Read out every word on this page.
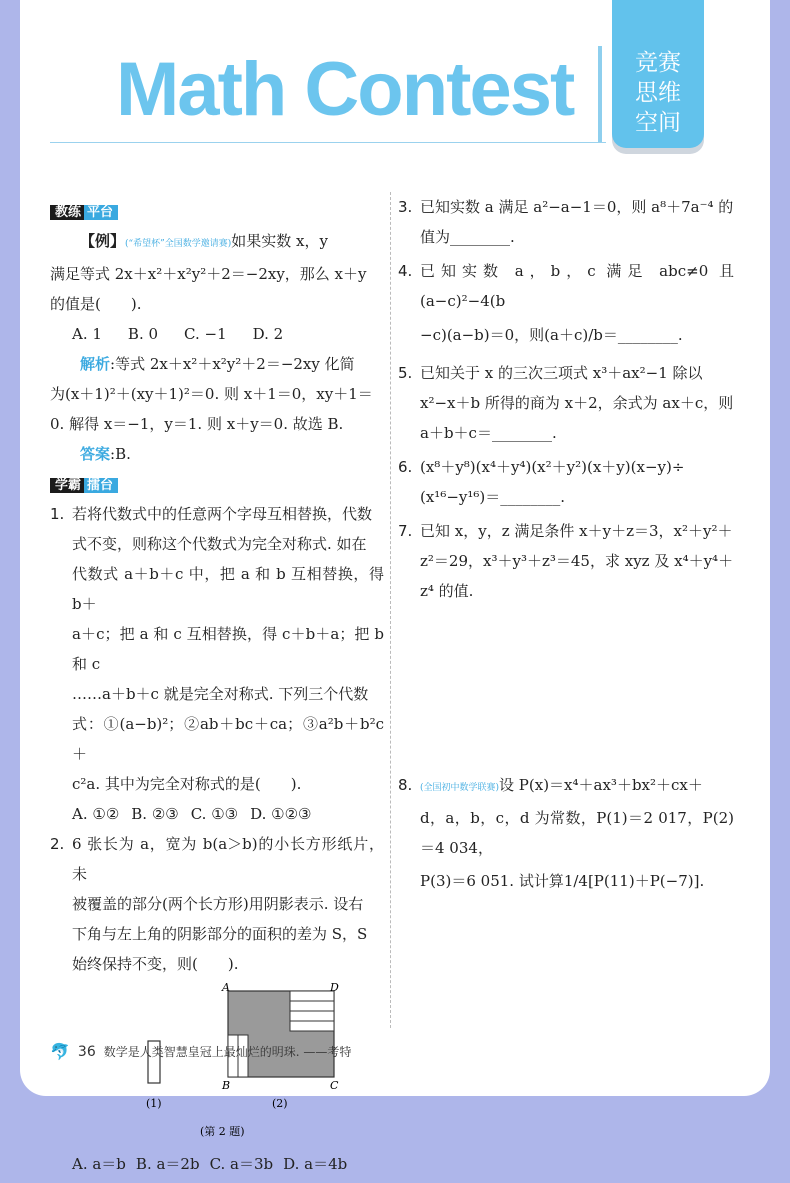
Math Contest	竞赛
思维
空间
教练 平台

【例】(“希望杯”全国数学邀请赛)如果实数 x，y

满足等式 2x＋x²＋x²y²＋2＝−2xy，那么 x＋y

的值是(　　).

A. 1 B. 0 C. −1 D. 2

解析:等式 2x＋x²＋x²y²＋2＝−2xy 化简

为(x＋1)²＋(xy＋1)²＝0. 则 x＋1＝0，xy＋1＝

0. 解得 x＝−1，y＝1. 则 x＋y＝0. 故选 B.

答案:B.

学霸 擂台
1. 若将代数式中的任意两个字母互相替换，代数
式不变，则称这个代数式为完全对称式. 如在
代数式 a＋b＋c 中，把 a 和 b 互相替换，得 b＋
a＋c；把 a 和 c 互相替换，得 c＋b＋a；把 b 和 c
……a＋b＋c 就是完全对称式. 下列三个代数
式：①(a−b)²；②ab＋bc＋ca；③a²b＋b²c＋
c²a. 其中为完全对称式的是(　　).
A. ①② B. ②③ C. ①③ D. ①②③
2. 6 张长为 a，宽为 b(a＞b)的小长方形纸片，未
被覆盖的部分(两个长方形)用阴影表示. 设右
下角与左上角的阴影部分的面积的差为 S，S
始终保持不变，则(　　).
A	D
B	C
(1)	(2)
(第 2 题)
A. a＝b B. a＝2b C. a＝3b D. a＝4b
3. 已知实数 a 满足 a²−a−1＝0，则 a⁸＋7a⁻⁴ 的
值为________.
4. 已知实数 a，b，c 满足 abc≠0 且(a−c)²−4(b
−c)(a−b)＝0，则(a＋c)/b＝________.
5. 已知关于 x 的三次三项式 x³＋ax²−1 除以
x²−x＋b 所得的商为 x＋2，余式为 ax＋c，则
a＋b＋c＝________.
6. (x⁸＋y⁸)(x⁴＋y⁴)(x²＋y²)(x＋y)(x−y)÷
(x¹⁶−y¹⁶)＝________.
7. 已知 x，y，z 满足条件 x＋y＋z＝3，x²＋y²＋
z²＝29，x³＋y³＋z³＝45，求 xyz 及 x⁴＋y⁴＋
z⁴ 的值.
8. (全国初中数学联赛)设 P(x)＝x⁴＋ax³＋bx²＋cx＋
d，a，b，c，d 为常数，P(1)＝2 017，P(2)＝4 034，
P(3)＝6 051. 试计算1/4[P(11)＋P(−7)].
🐬 36 数学是人类智慧皇冠上最灿烂的明珠. ——考特
